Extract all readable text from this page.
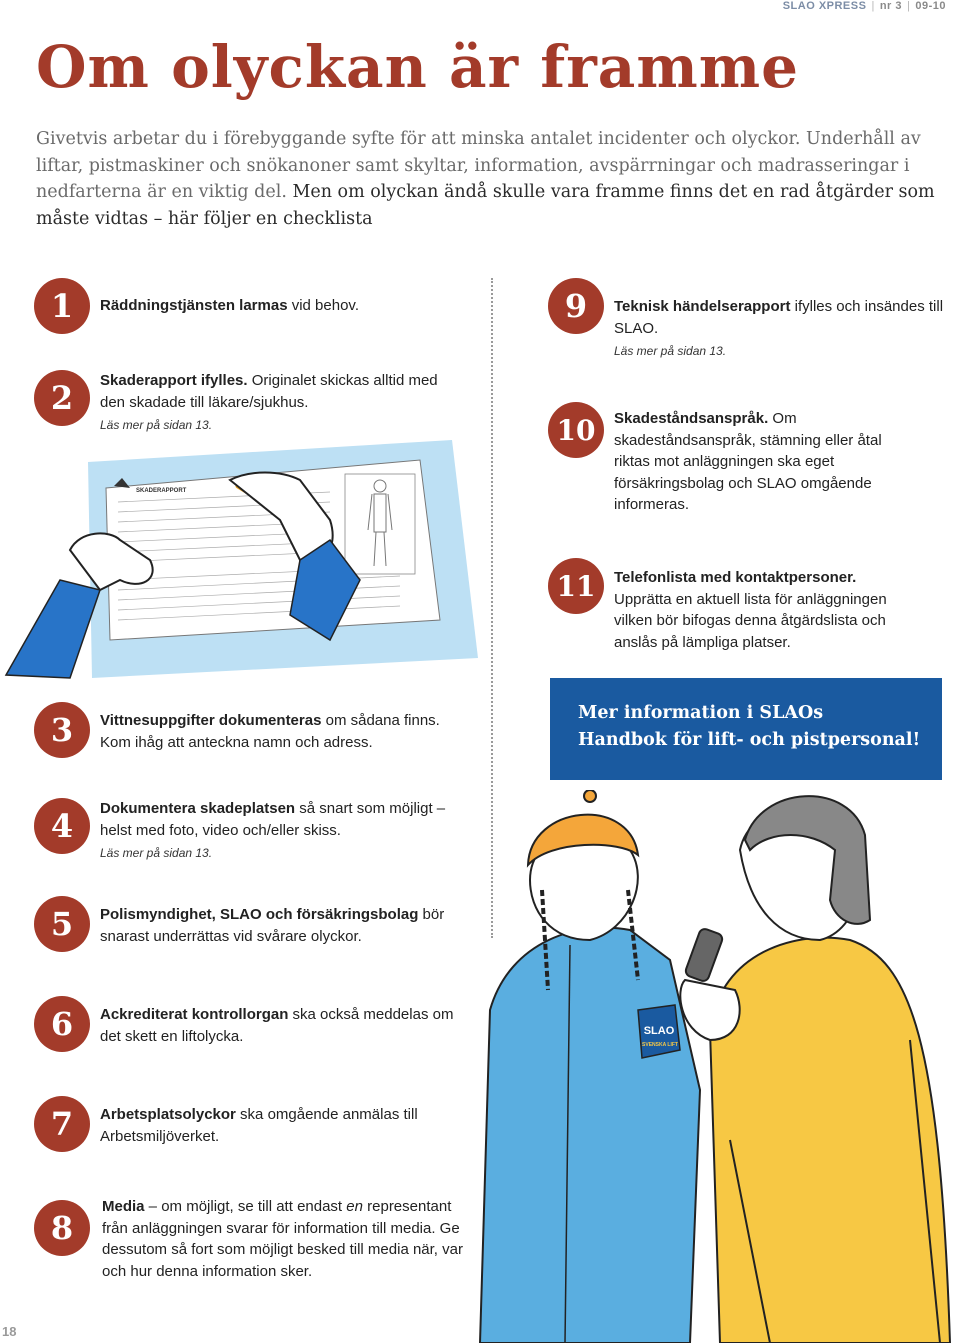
SLAO XPRESS | nr 3 | 09-10
Om olyckan är framme

Givetvis arbetar du i förebyggande syfte för att minska antalet incidenter och olyckor. Underhåll av liftar, pistmaskiner och snökanoner samt skyltar, information, avspärrningar och madrasseringar i nedfarterna är en viktig del. Men om olyckan ändå skulle vara framme finns det en rad åtgärder som måste vidtas – här följer en checklista

1	Räddningstjänsten larmas vid behov.
2	Skaderapport ifylles. Originalet skickas alltid med den skadade till läkare/sjukhus.
Läs mer på sidan 13.
SKADERAPPORT
3	Vittnesuppgifter dokumenteras om sådana finns. Kom ihåg att anteckna namn och adress.
4	Dokumentera skadeplatsen så snart som möjligt – helst med foto, video och/eller skiss.
Läs mer på sidan 13.
5	Polismyndighet, SLAO och försäkringsbolag bör snarast underrättas vid svårare olyckor.
6	Ackrediterat kontrollorgan ska också meddelas om det skett en liftolycka.
7	Arbetsplatsolyckor ska omgående anmälas till Arbetsmiljöverket.
8
Media – om möjligt, se till att endast en representant från anläggningen svarar för information till media. Ge dessutom så fort som möjligt besked till media när, var och hur denna information sker.
9	Teknisk händelserapport ifylles och insändes till SLAO.
Läs mer på sidan 13.
10	Skadeståndsanspråk. Om skadeståndsanspråk, stämning eller åtal riktas mot anläggningen ska eget försäkringsbolag och SLAO omgående informeras.
11	Telefonlista med kontaktpersoner. Upprätta en aktuell lista för anläggningen vilken bör bifogas denna åtgärdslista och anslås på lämpliga platser.
Mer information i SLAOs
Handbok för lift- och pistpersonal!
SLAO
SVENSKA LIFT
18
